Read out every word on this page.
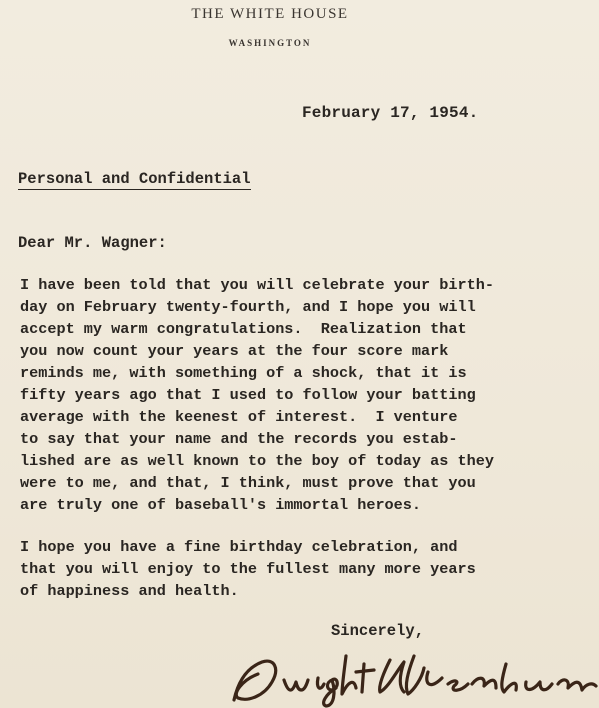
THE WHITE HOUSE
WASHINGTON
February 17, 1954.
Personal and Confidential
Dear Mr. Wagner:
I have been told that you will celebrate your birth-
day on February twenty-fourth, and I hope you will
accept my warm congratulations.  Realization that
you now count your years at the four score mark
reminds me, with something of a shock, that it is
fifty years ago that I used to follow your batting
average with the keenest of interest.  I venture
to say that your name and the records you estab-
lished are as well known to the boy of today as they
were to me, and that, I think, must prove that you
are truly one of baseball's immortal heroes.
I hope you have a fine birthday celebration, and
that you will enjoy to the fullest many more years
of happiness and health.
Sincerely,
